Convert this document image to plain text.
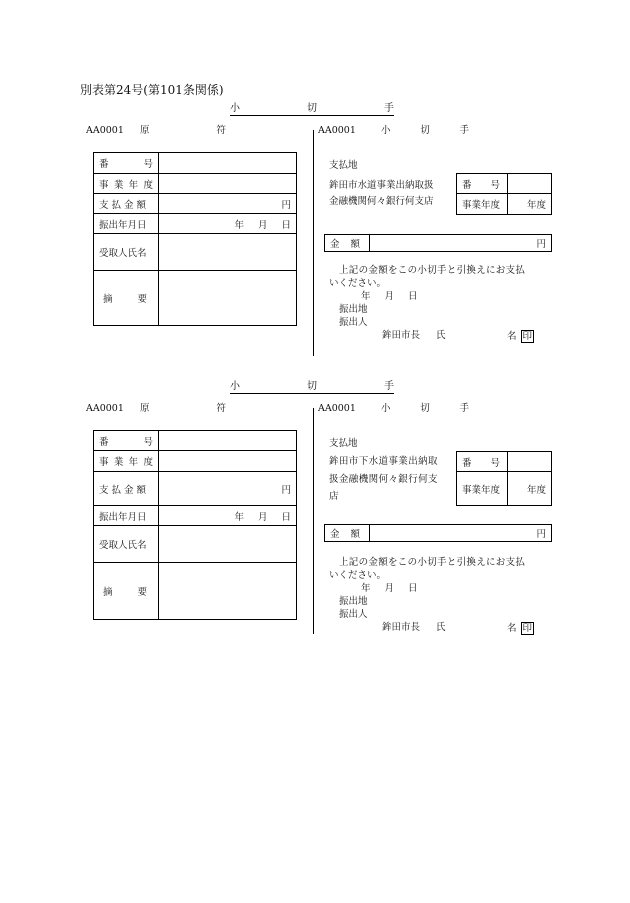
別表第24号(第101条関係)
小	切	手
AA0001 原	符
番 号	

事 業 年 度	

支 払 金 額	円
振出年月日	年 月 日

受取人氏名	

摘 要	

AA0001	小	切	手
支払地
鉾田市水道事業出納取扱
金融機関何々銀行何支店
番 号	

事業年度	年度
金 額	円
上記の金額をこの小切手と引換えにお支払
いください。
年 月 日
振出地
振出人
鉾田市長 氏	名 印
小	切	手
AA0001 原	符
番 号	

事 業 年 度	

支 払 金 額	円
振出年月日	年 月 日

受取人氏名	

摘 要	

AA0001	小	切	手
支払地
鉾田市下水道事業出納取
扱金融機関何々銀行何支
店
番 号	

事業年度	年度
金 額	円
上記の金額をこの小切手と引換えにお支払
いください。
年 月 日
振出地
振出人
鉾田市長 氏	名 印
